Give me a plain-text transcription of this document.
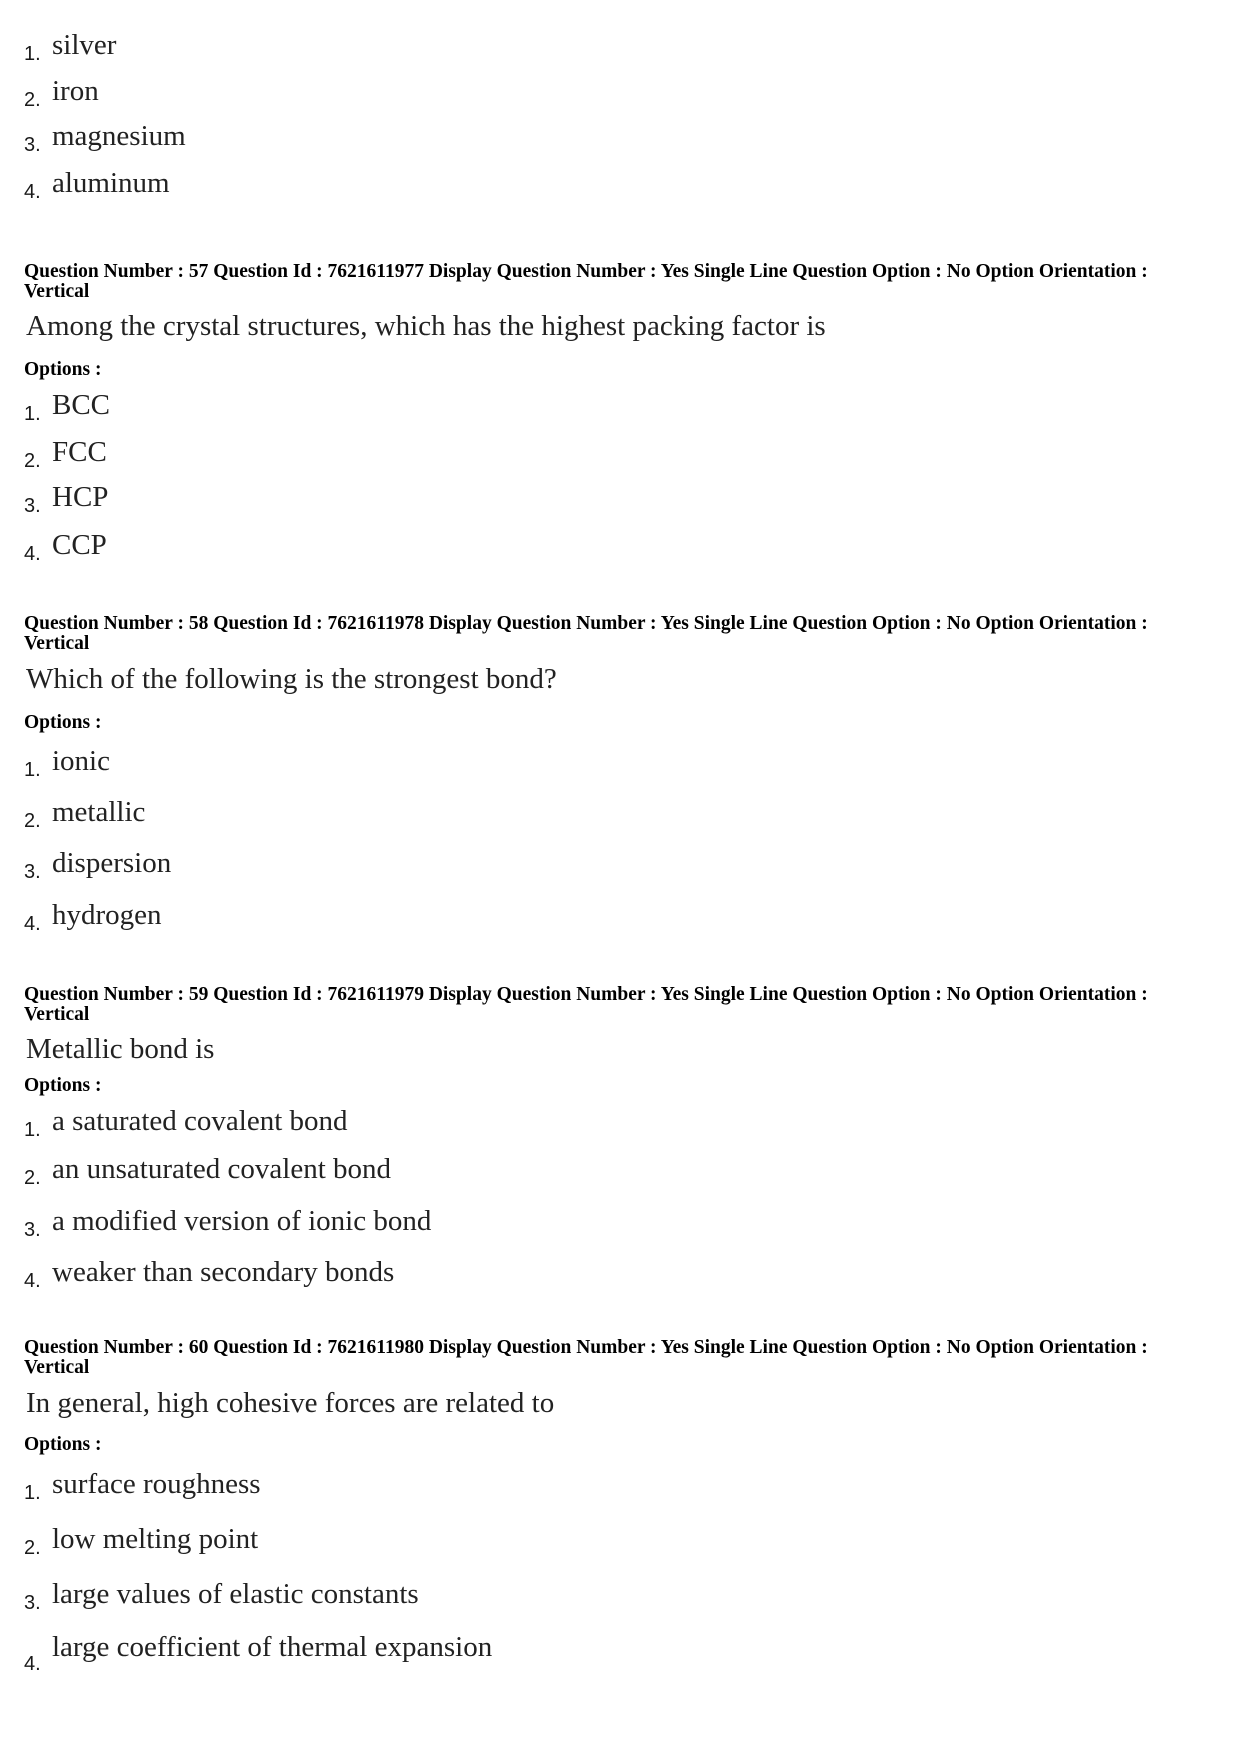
1. silver
2. iron
3. magnesium
4. aluminum
Question Number : 57 Question Id : 7621611977 Display Question Number : Yes Single Line Question Option : No Option Orientation : Vertical
Among the crystal structures, which has the highest packing factor is
Options :
1. BCC
2. FCC
3. HCP
4. CCP
Question Number : 58 Question Id : 7621611978 Display Question Number : Yes Single Line Question Option : No Option Orientation : Vertical
Which of the following is the strongest bond?
Options :
1. ionic
2. metallic
3. dispersion
4. hydrogen
Question Number : 59 Question Id : 7621611979 Display Question Number : Yes Single Line Question Option : No Option Orientation : Vertical
Metallic bond is
Options :
1. a saturated covalent bond
2. an unsaturated covalent bond
3. a modified version of ionic bond
4. weaker than secondary bonds
Question Number : 60 Question Id : 7621611980 Display Question Number : Yes Single Line Question Option : No Option Orientation : Vertical
In general, high cohesive forces are related to
Options :
1. surface roughness
2. low melting point
3. large values of elastic constants
4.
large coefficient of thermal expansion
